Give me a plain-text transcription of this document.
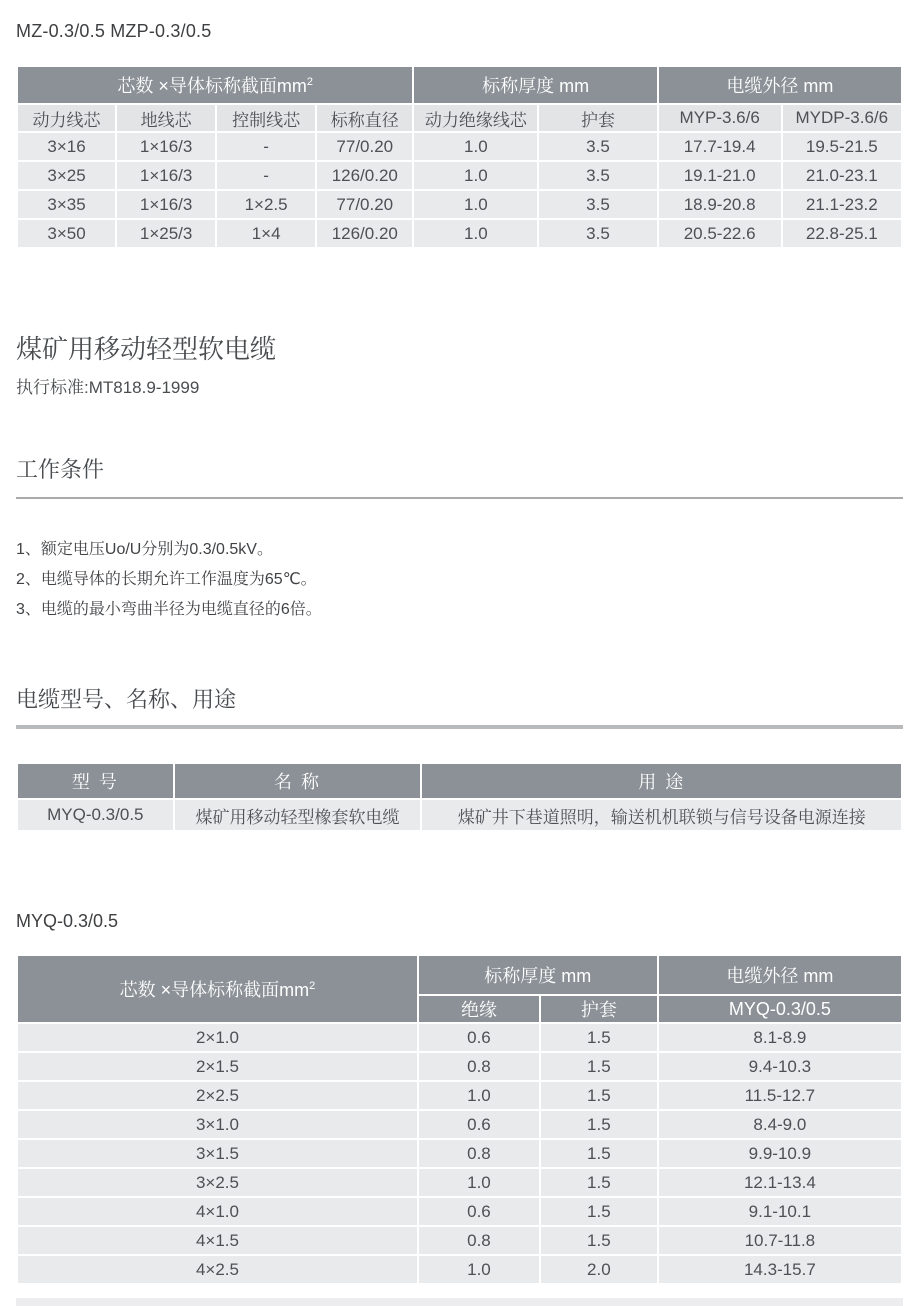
MZ-0.3/0.5 MZP-0.3/0.5
芯数 ×导体标称截面$mm^2$				标称厚度 mm		电缆外径 mm	
动力线芯	地线芯	控制线芯	标称直径	动力绝缘线芯	护套	MYP-3.6/6	MYDP-3.6/6
3×16	1×16/3	-	77/0.20	1.0	3.5	17.7-19.4	19.5-21.5
3×25	1×16/3	-	126/0.20	1.0	3.5	19.1-21.0	21.0-23.1
3×35	1×16/3	1×2.5	77/0.20	1.0	3.5	18.9-20.8	21.1-23.2
3×50	1×25/3	1×4	126/0.20	1.0	3.5	20.5-22.6	22.8-25.1
煤矿用移动轻型软电缆
执行标准:MT818.9-1999
工作条件
1、额定电压Uo/U分别为0.3/0.5kV。
2、电缆导体的长期允许工作温度为65℃。
3、电缆的最小弯曲半径为电缆直径的6倍。
电缆型号、名称、用途
型 号	名 称	用 途
MYQ-0.3/0.5	煤矿用移动轻型橡套软电缆	煤矿井下巷道照明，输送机机联锁与信号设备电源连接
MYQ-0.3/0.5
芯数 ×导体标称截面$mm^2$	标称厚度 mm		电缆外径 mm
	绝缘	护套	MYQ-0.3/0.5
2×1.0	0.6	1.5	8.1-8.9
2×1.5	0.8	1.5	9.4-10.3
2×2.5	1.0	1.5	11.5-12.7
3×1.0	0.6	1.5	8.4-9.0
3×1.5	0.8	1.5	9.9-10.9
3×2.5	1.0	1.5	12.1-13.4
4×1.0	0.6	1.5	9.1-10.1
4×1.5	0.8	1.5	10.7-11.8
4×2.5	1.0	2.0	14.3-15.7
